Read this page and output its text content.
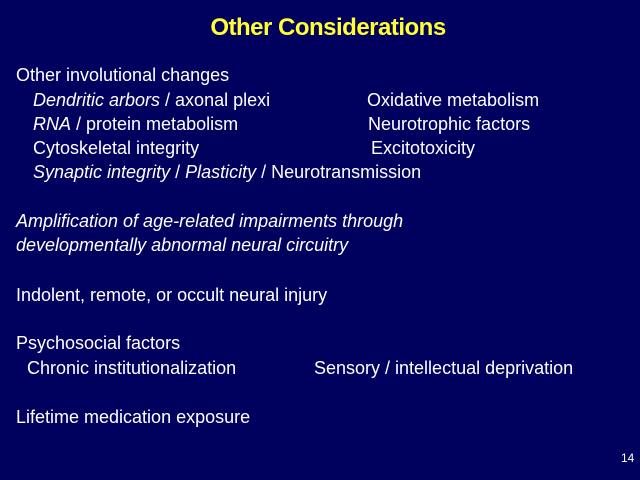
Other Considerations
Other involutional changes
Dendritic arbors / axonal plexi	Oxidative metabolism
RNA / protein metabolism	Neurotrophic factors
Cytoskeletal integrity	Excitotoxicity
Synaptic integrity / Plasticity / Neurotransmission
Amplification of age-related impairments through
developmentally abnormal neural circuitry
Indolent, remote, or occult neural injury
Psychosocial factors
Chronic institutionalization	Sensory / intellectual deprivation
Lifetime medication exposure
14
